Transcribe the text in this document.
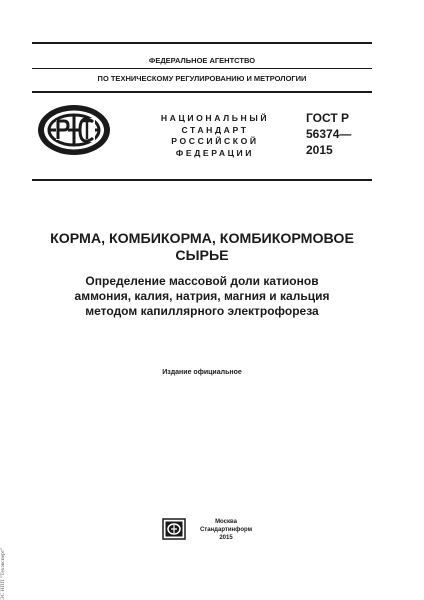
ФЕДЕРАЛЬНОЕ АГЕНТСТВО
ПО ТЕХНИЧЕСКОМУ РЕГУЛИРОВАНИЮ И МЕТРОЛОГИИ
НАЦИОНАЛЬНЫЙ
СТАНДАРТ
РОССИЙСКОЙ
ФЕДЕРАЦИИ
ГОСТ Р
56374—
2015
КОРМА, КОМБИКОРМА, КОМБИКОРМОВОЕ
СЫРЬЕ
Определение массовой доли катионов
аммония, калия, натрия, магния и кальция
методом капиллярного электрофореза
Издание официальное
Москва
Стандартинформ
2015
ЭС НПП "Техэксперт"
